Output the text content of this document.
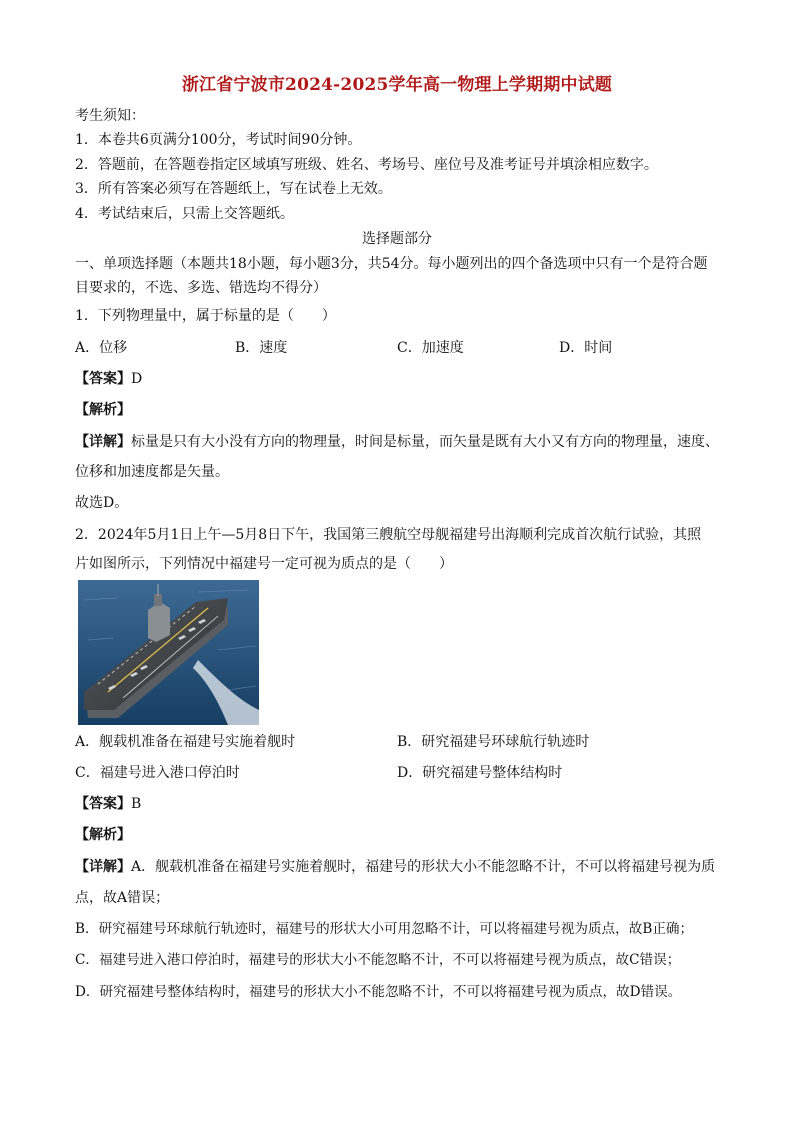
浙江省宁波市2024-2025学年高一物理上学期期中试题
考生须知：
1．本卷共6页满分100分，考试时间90分钟。
2．答题前，在答题卷指定区域填写班级、姓名、考场号、座位号及准考证号并填涂相应数字。
3．所有答案必须写在答题纸上，写在试卷上无效。
4．考试结束后，只需上交答题纸。
选择题部分
一、单项选择题（本题共18小题，每小题3分，共54分。每小题列出的四个备选项中只有一个是符合题
目要求的，不选、多选、错选均不得分）
1．下列物理量中，属于标量的是（　　）
A．位移	B．速度	C．加速度	D．时间
【答案】D
【解析】
【详解】标量是只有大小没有方向的物理量，时间是标量，而矢量是既有大小又有方向的物理量，速度、
位移和加速度都是矢量。
故选D。
2．2024年5月1日上午—5月8日下午，我国第三艘航空母舰福建号出海顺利完成首次航行试验，其照
片如图所示，下列情况中福建号一定可视为质点的是（　　）
A．舰载机准备在福建号实施着舰时	B．研究福建号环球航行轨迹时
C．福建号进入港口停泊时	D．研究福建号整体结构时
【答案】B
【解析】
【详解】A．舰载机准备在福建号实施着舰时，福建号的形状大小不能忽略不计，不可以将福建号视为质
点，故A错误；
B．研究福建号环球航行轨迹时，福建号的形状大小可用忽略不计，可以将福建号视为质点，故B正确；
C．福建号进入港口停泊时，福建号的形状大小不能忽略不计，不可以将福建号视为质点，故C错误；
D．研究福建号整体结构时，福建号的形状大小不能忽略不计，不可以将福建号视为质点，故D错误。
